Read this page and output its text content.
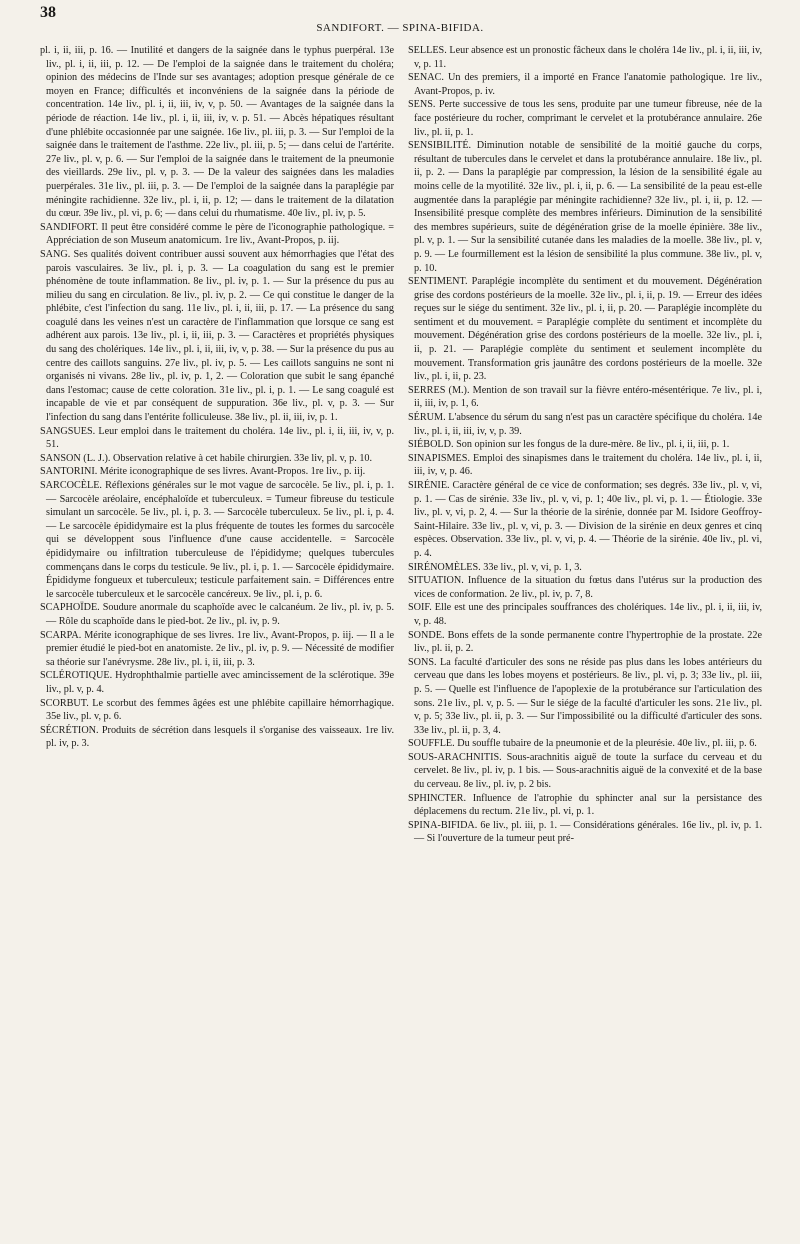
38
SANDIFORT. — SPINA-BIFIDA.

pl. i, ii, iii, p. 16. — Inutilité et dangers de la saignée dans le typhus puerpéral. 13e liv., pl. i, ii, iii, p. 12. — De l'emploi de la saignée dans le traitement du choléra; opinion des médecins de l'Inde sur ses avantages; adoption presque générale de ce moyen en France; difficultés et inconvéniens de la saignée dans la période de concentration. 14e liv., pl. i, ii, iii, iv, v, p. 50. — Avantages de la saignée dans la période de réaction. 14e liv., pl. i, ii, iii, iv, v. p. 51. — Abcès hépatiques résultant d'une phlébite occasionnée par une saignée. 16e liv., pl. iii, p. 3. — Sur l'emploi de la saignée dans le traitement de l'asthme. 22e liv., pl. iii, p. 5; — dans celui de l'artérite. 27e liv., pl. v, p. 6. — Sur l'emploi de la saignée dans le traitement de la pneumonie des vieillards. 29e liv., pl. v, p. 3. — De la valeur des saignées dans les maladies puerpérales. 31e liv., pl. iii, p. 3. — De l'emploi de la saignée dans la paraplégie par méningite rachidienne. 32e liv., pl. i, ii, p. 12; — dans le traitement de la dilatation du cœur. 39e liv., pl. vi, p. 6; — dans celui du rhumatisme. 40e liv., pl. iv, p. 5.

SANDIFORT. Il peut être considéré comme le père de l'iconographie pathologique. = Appréciation de son Museum anatomicum. 1re liv., Avant-Propos, p. iij.

SANG. Ses qualités doivent contribuer aussi souvent aux hémorrhagies que l'état des parois vasculaires. 3e liv., pl. i, p. 3. — La coagulation du sang est le premier phénomène de toute inflammation. 8e liv., pl. iv, p. 1. — Sur la présence du pus au milieu du sang en circulation. 8e liv., pl. iv, p. 2. — Ce qui constitue le danger de la phlébite, c'est l'infection du sang. 11e liv., pl. i, ii, iii, p. 17. — La présence du sang coagulé dans les veines n'est un caractère de l'inflammation que lorsque ce sang est adhérent aux parois. 13e liv., pl. i, ii, iii, p. 3. — Caractères et propriétés physiques du sang des cholériques. 14e liv., pl. i, ii, iii, iv, v, p. 38. — Sur la présence du pus au centre des caillots sanguins. 27e liv., pl. iv, p. 5. — Les caillots sanguins ne sont ni organisés ni vivans. 28e liv., pl. iv, p. 1, 2. — Coloration que subit le sang épanché dans l'estomac; cause de cette coloration. 31e liv., pl. i, p. 1. — Le sang coagulé est incapable de vie et par conséquent de suppuration. 36e liv., pl. v, p. 3. — Sur l'infection du sang dans l'entérite folliculeuse. 38e liv., pl. ii, iii, iv, p. 1.

SANGSUES. Leur emploi dans le traitement du choléra. 14e liv., pl. i, ii, iii, iv, v, p. 51.

SANSON (L. J.). Observation relative à cet habile chirurgien. 33e liv, pl. v, p. 10.

SANTORINI. Mérite iconographique de ses livres. Avant-Propos. 1re liv., p. iij.

SARCOCÈLE. Réflexions générales sur le mot vague de sarcocèle. 5e liv., pl. i, p. 1. — Sarcocèle aréolaire, encéphaloïde et tuberculeux. = Tumeur fibreuse du testicule simulant un sarcocèle. 5e liv., pl. i, p. 3. — Sarcocèle tuberculeux. 5e liv., pl. i, p. 4. — Le sarcocèle épididymaire est la plus fréquente de toutes les formes du sarcocèle qui se développent sous l'influence d'une cause accidentelle. = Sarcocèle épididymaire ou infiltration tuberculeuse de l'épididyme; quelques tubercules commençans dans le corps du testicule. 9e liv., pl. i, p. 1. — Sarcocèle épididymaire. Épididyme fongueux et tuberculeux; testicule parfaitement sain. = Différences entre le sarcocèle tuberculeux et le sarcocèle cancéreux. 9e liv., pl. i, p. 6.

SCAPHOÏDE. Soudure anormale du scaphoïde avec le calcanéum. 2e liv., pl. iv, p. 5. — Rôle du scaphoïde dans le pied-bot. 2e liv., pl. iv, p. 9.

SCARPA. Mérite iconographique de ses livres. 1re liv., Avant-Propos, p. iij. — Il a le premier étudié le pied-bot en anatomiste. 2e liv., pl. iv, p. 9. — Nécessité de modifier sa théorie sur l'anévrysme. 28e liv., pl. i, ii, iii, p. 3.

SCLÉROTIQUE. Hydrophthalmie partielle avec amincissement de la sclérotique. 39e liv., pl. v, p. 4.

SCORBUT. Le scorbut des femmes âgées est une phlébite capillaire hémorrhagique. 35e liv., pl. v, p. 6.

SÉCRÉTION. Produits de sécrétion dans lesquels il s'organise des vaisseaux. 1re liv. pl. iv, p. 3.

SELLES. Leur absence est un pronostic fâcheux dans le choléra 14e liv., pl. i, ii, iii, iv, v, p. 11.

SENAC. Un des premiers, il a importé en France l'anatomie pathologique. 1re liv., Avant-Propos, p. iv.

SENS. Perte successive de tous les sens, produite par une tumeur fibreuse, née de la face postérieure du rocher, comprimant le cervelet et la protubérance annulaire. 26e liv., pl. ii, p. 1.

SENSIBILITÉ. Diminution notable de sensibilité de la moitié gauche du corps, résultant de tubercules dans le cervelet et dans la protubérance annulaire. 18e liv., pl. ii, p. 2. — Dans la paraplégie par compression, la lésion de la sensibilité égale au moins celle de la myotilité. 32e liv., pl. i, ii, p. 6. — La sensibilité de la peau est-elle augmentée dans la paraplégie par méningite rachidienne? 32e liv., pl. i, ii, p. 12. — Insensibilité presque complète des membres inférieurs. Diminution de la sensibilité des membres supérieurs, suite de dégénération grise de la moelle épinière. 38e liv., pl. v, p. 1. — Sur la sensibilité cutanée dans les maladies de la moelle. 38e liv., pl. v, p. 9. — Le fourmillement est la lésion de sensibilité la plus commune. 38e liv., pl. v, p. 10.

SENTIMENT. Paraplégie incomplète du sentiment et du mouvement. Dégénération grise des cordons postérieurs de la moelle. 32e liv., pl. i, ii, p. 19. — Erreur des idées reçues sur le siége du sentiment. 32e liv., pl. i, ii, p. 20. — Paraplégie incomplète du sentiment et du mouvement. = Paraplégie complète du sentiment et incomplète du mouvement. Dégénération grise des cordons postérieurs de la moelle. 32e liv., pl. i, ii, p. 21. — Paraplégie complète du sentiment et seulement incomplète du mouvement. Transformation gris jaunâtre des cordons postérieurs de la moelle. 32e liv., pl. i, ii, p. 23.

SERRES (M.). Mention de son travail sur la fièvre entéro-mésentérique. 7e liv., pl. i, ii, iii, iv, p. 1, 6.

SÉRUM. L'absence du sérum du sang n'est pas un caractère spécifique du choléra. 14e liv., pl. i, ii, iii, iv, v, p. 39.

SIÉBOLD. Son opinion sur les fongus de la dure-mère. 8e liv., pl. i, ii, iii, p. 1.

SINAPISMES. Emploi des sinapismes dans le traitement du choléra. 14e liv., pl. i, ii, iii, iv, v, p. 46.

SIRÉNIE. Caractère général de ce vice de conformation; ses degrés. 33e liv., pl. v, vi, p. 1. — Cas de sirénie. 33e liv., pl. v, vi, p. 1; 40e liv., pl. vi, p. 1. — Étiologie. 33e liv., pl. v, vi, p. 2, 4. — Sur la théorie de la sirénie, donnée par M. Isidore Geoffroy-Saint-Hilaire. 33e liv., pl. v, vi, p. 3. — Division de la sirénie en deux genres et cinq espèces. Observation. 33e liv., pl. v, vi, p. 4. — Théorie de la sirénie. 40e liv., pl. vi, p. 4.

SIRÉNOMÈLES. 33e liv., pl. v, vi, p. 1, 3.

SITUATION. Influence de la situation du fœtus dans l'utérus sur la production des vices de conformation. 2e liv., pl. iv, p. 7, 8.

SOIF. Elle est une des principales souffrances des cholériques. 14e liv., pl. i, ii, iii, iv, v, p. 48.

SONDE. Bons effets de la sonde permanente contre l'hypertrophie de la prostate. 22e liv., pl. ii, p. 2.

SONS. La faculté d'articuler des sons ne réside pas plus dans les lobes antérieurs du cerveau que dans les lobes moyens et postérieurs. 8e liv., pl. vi, p. 3; 33e liv., pl. iii, p. 5. — Quelle est l'influence de l'apoplexie de la protubérance sur l'articulation des sons. 21e liv., pl. v, p. 5. — Sur le siége de la faculté d'articuler les sons. 21e liv., pl. v, p. 5; 33e liv., pl. ii, p. 3. — Sur l'impossibilité ou la difficulté d'articuler des sons. 33e liv., pl. ii, p. 3, 4.

SOUFFLE. Du souffle tubaire de la pneumonie et de la pleurésie. 40e liv., pl. iii, p. 6.

SOUS-ARACHNITIS. Sous-arachnitis aiguë de toute la surface du cerveau et du cervelet. 8e liv., pl. iv, p. 1 bis. — Sous-arachnitis aiguë de la convexité et de la base du cerveau. 8e liv., pl. iv, p. 2 bis.

SPHINCTER. Influence de l'atrophie du sphincter anal sur la persistance des déplacemens du rectum. 21e liv., pl. vi, p. 1.

SPINA-BIFIDA. 6e liv., pl. iii, p. 1. — Considérations générales. 16e liv., pl. iv, p. 1. — Si l'ouverture de la tumeur peut pré-
